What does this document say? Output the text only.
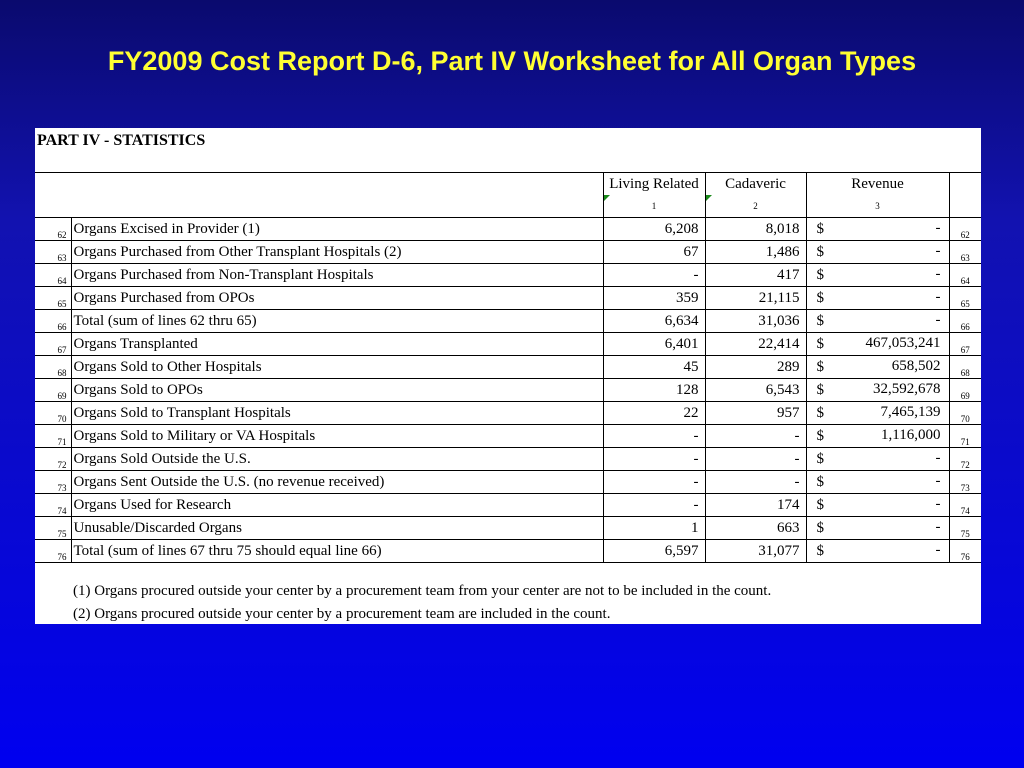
FY2009 Cost Report D-6, Part IV Worksheet for All Organ Types
PART IV - STATISTICS
		Living Related	Cadaveric	Revenue	

1	2	3	
62	Organs Excised in Provider (1)	6,208	8,018	$ -	62
63	Organs Purchased from Other Transplant Hospitals (2)	67	1,486	$ -	63
64	Organs Purchased from Non-Transplant Hospitals	-	417	$ -	64
65	Organs Purchased from OPOs	359	21,115	$ -	65
66	Total (sum of lines 62 thru 65)	6,634	31,036	$ -	66
67	Organs Transplanted	6,401	22,414	$ 467,053,241	67
68	Organs Sold to Other Hospitals	45	289	$ 658,502	68
69	Organs Sold to OPOs	128	6,543	$ 32,592,678	69
70	Organs Sold to Transplant Hospitals	22	957	$ 7,465,139	70
71	Organs Sold to Military or VA Hospitals	-	-	$ 1,116,000	71
72	Organs Sold Outside the U.S.	-	-	$ -	72
73	Organs Sent Outside the U.S. (no revenue received)	-	-	$ -	73
74	Organs Used for Research	-	174	$ -	74
75	Unusable/Discarded Organs	1	663	$ -	75
76	Total (sum of lines 67 thru 75 should equal line 66)	6,597	31,077	$ -	76
(1) Organs procured outside your center by a procurement team from your center are not to be included in the count.
(2) Organs procured outside your center by a procurement team are included in the count.
